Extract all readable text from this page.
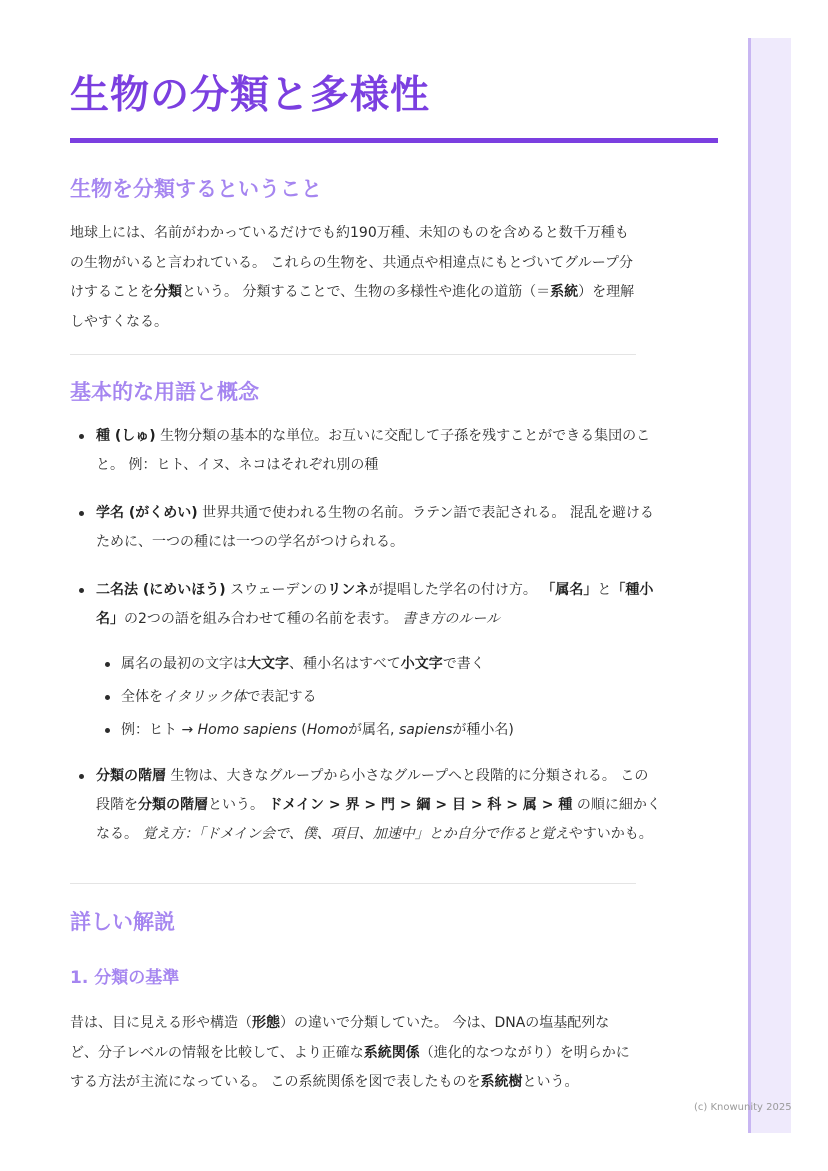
生物の分類と多様性
生物を分類するということ

地球上には、名前がわかっているだけでも約190万種、未知のものを含めると数千万種もの生物がいると言われている。 これらの生物を、共通点や相違点にもとづいてグループ分けすることを分類という。 分類することで、生物の多様性や進化の道筋（＝系統）を理解しやすくなる。

基本的な用語と概念
種 (しゅ) 生物分類の基本的な単位。お互いに交配して子孫を残すことができる集団のこと。 例：ヒト、イヌ、ネコはそれぞれ別の種
学名 (がくめい) 世界共通で使われる生物の名前。ラテン語で表記される。 混乱を避けるために、一つの種には一つの学名がつけられる。
二名法 (にめいほう) スウェーデンのリンネが提唱した学名の付け方。 「属名」と「種小名」の2つの語を組み合わせて種の名前を表す。 書き方のルール
属名の最初の文字は大文字、種小名はすべて小文字で書く
全体をイタリック体で表記する
例：ヒト → Homo sapiens (Homoが属名, sapiensが種小名)
分類の階層 生物は、大きなグループから小さなグループへと段階的に分類される。 この段階を分類の階層という。 ドメイン > 界 > 門 > 綱 > 目 > 科 > 属 > 種 の順に細かくなる。 覚え方：「ドメイン会で、僕、項目、加速中」とか自分で作ると覚えやすいかも。
詳しい解説
1. 分類の基準

昔は、目に見える形や構造（形態）の違いで分類していた。 今は、DNAの塩基配列など、分子レベルの情報を比較して、より正確な系統関係（進化的なつながり）を明らかにする方法が主流になっている。 この系統関係を図で表したものを系統樹という。

(c) Knowunity 2025
